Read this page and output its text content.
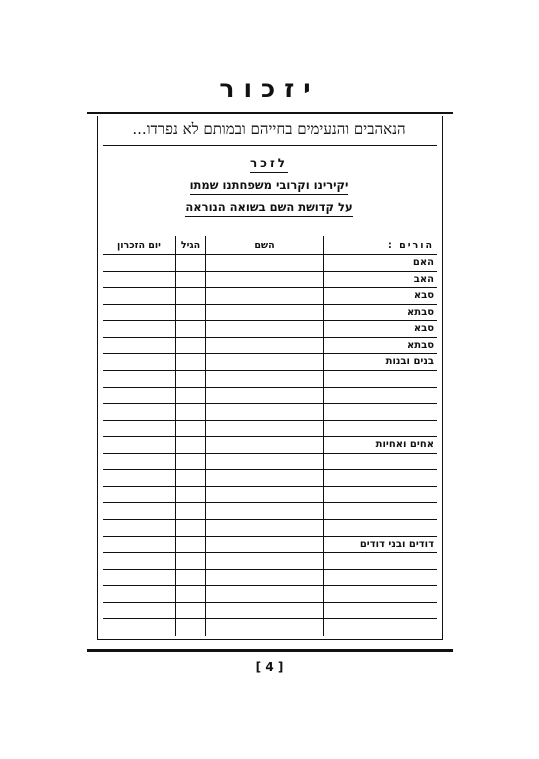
יזכור
הנאהבים והנעימים בחייהם ובמותם לא נפרדו...
לזכר
יקירינו וקרובי משפחתנו שמתו
על קדושת השם בשואה הנוראה
הורים :
האם
האב
סבא
סבתא
סבא
סבתא
בנים ובנות
אחים ואחיות
דודים ובני דודים
השם
הגיל
יום הזכרון
[ 4 ]
